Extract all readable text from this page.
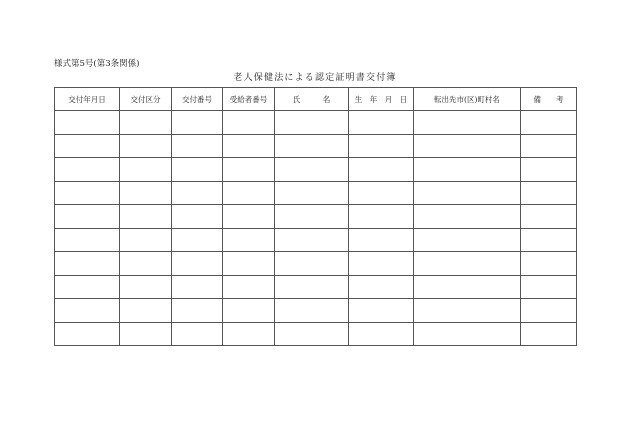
様式第5号(第3条関係)
老人保健法による認定証明書交付簿
交付年月日	交付区分	交付番号	受給者番号	氏　　　名	生　年　月　日	転出先市(区)町村名	備　　考
